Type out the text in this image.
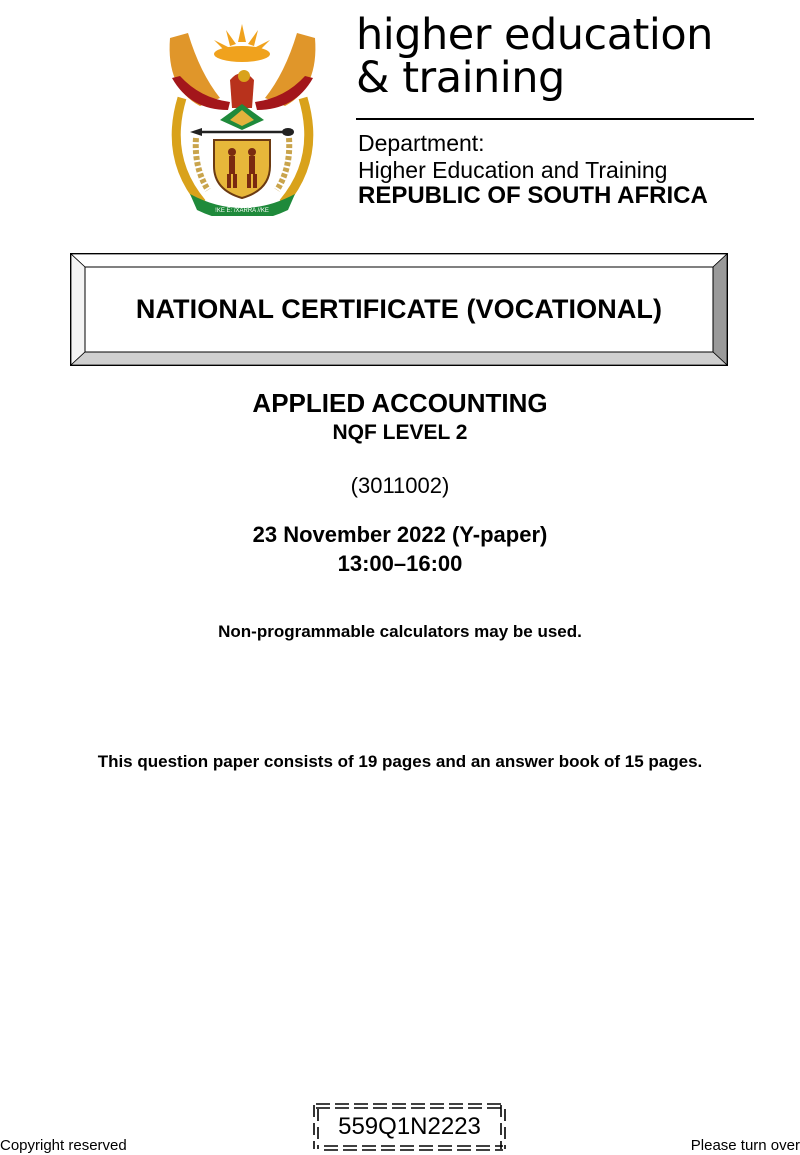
!KE E: /XARRA //KE
higher education
& training
Department:
Higher Education and Training
REPUBLIC OF SOUTH AFRICA
NATIONAL CERTIFICATE (VOCATIONAL)
APPLIED ACCOUNTING
NQF LEVEL 2
(3011002)
23 November 2022 (Y-paper)
13:00–16:00
Non-programmable calculators may be used.
This question paper consists of 19 pages and an answer book of 15 pages.
Copyright reserved
559Q1N2223
Please turn over
